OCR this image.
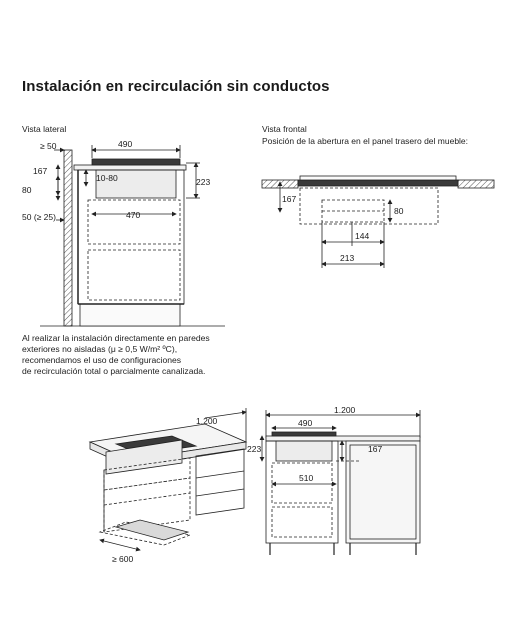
Instalación en recirculación sin conductos
Vista lateral	Vista frontal
Posición de la abertura en el panel trasero del mueble:
Al realizar la instalación directamente en paredes
exteriores no aisladas (μ ≥ 0,5 W/m² ºC),
recomendamos el uso de configuraciones
de recirculación total o parcialmente canalizada.
≥ 50	490
167
10-80
80
223
50 (≥ 25)	470
167
80
144
213
1.200
≥ 600
1.200
490
223	167
510
